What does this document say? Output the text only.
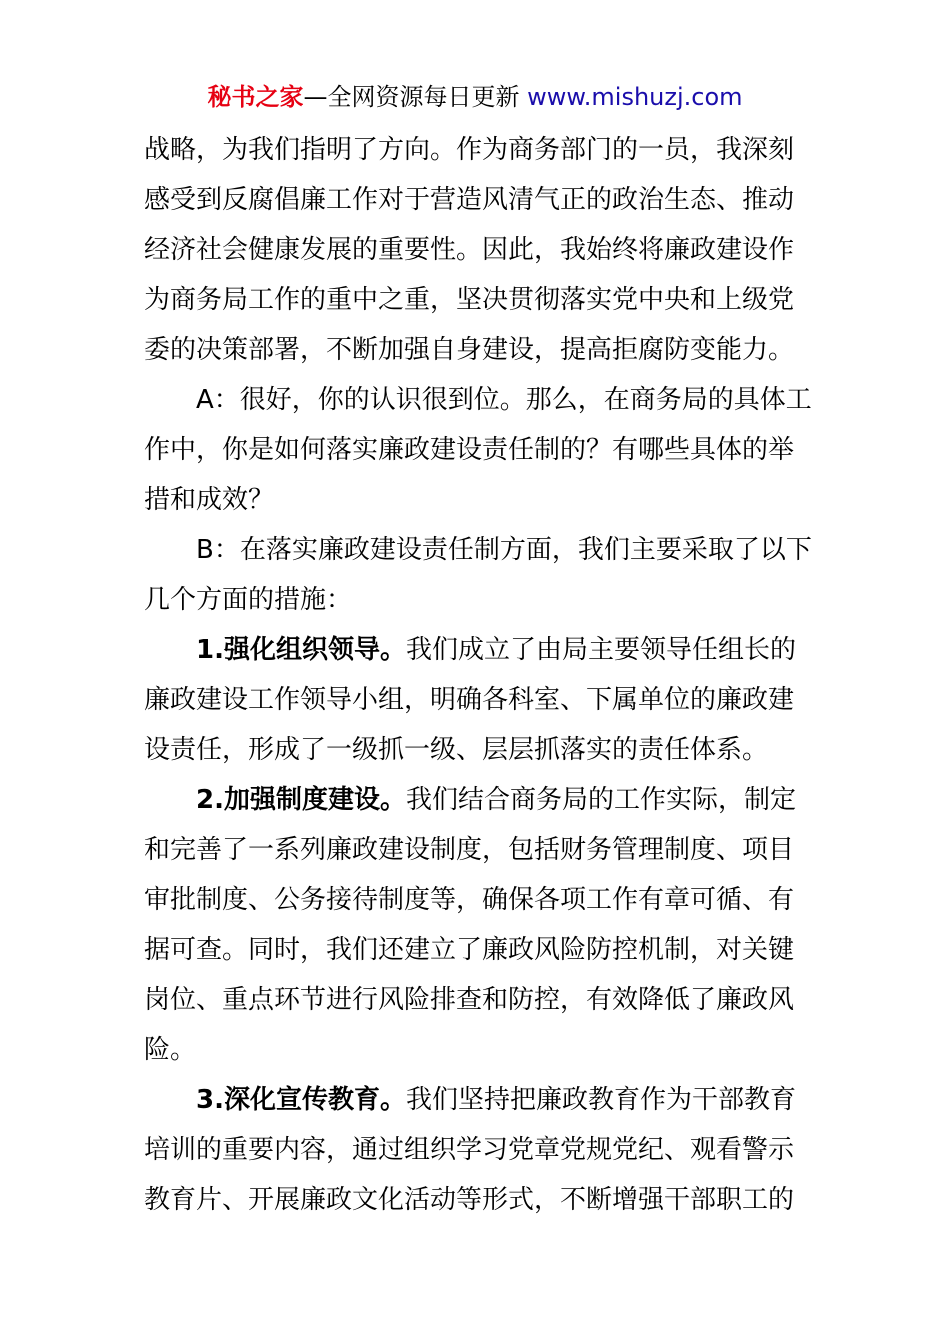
秘书之家—全网资源每日更新 www.mishuzj.com
战略，为我们指明了方向。作为商务部门的一员，我深刻
感受到反腐倡廉工作对于营造风清气正的政治生态、推动
经济社会健康发展的重要性。因此，我始终将廉政建设作
为商务局工作的重中之重，坚决贯彻落实党中央和上级党
委的决策部署，不断加强自身建设，提高拒腐防变能力。
A：很好，你的认识很到位。那么，在商务局的具体工
作中，你是如何落实廉政建设责任制的？有哪些具体的举
措和成效？
B：在落实廉政建设责任制方面，我们主要采取了以下
几个方面的措施：
1.强化组织领导。我们成立了由局主要领导任组长的
廉政建设工作领导小组，明确各科室、下属单位的廉政建
设责任，形成了一级抓一级、层层抓落实的责任体系。
2.加强制度建设。我们结合商务局的工作实际，制定
和完善了一系列廉政建设制度，包括财务管理制度、项目
审批制度、公务接待制度等，确保各项工作有章可循、有
据可查。同时，我们还建立了廉政风险防控机制，对关键
岗位、重点环节进行风险排查和防控，有效降低了廉政风
险。
3.深化宣传教育。我们坚持把廉政教育作为干部教育
培训的重要内容，通过组织学习党章党规党纪、观看警示
教育片、开展廉政文化活动等形式，不断增强干部职工的
